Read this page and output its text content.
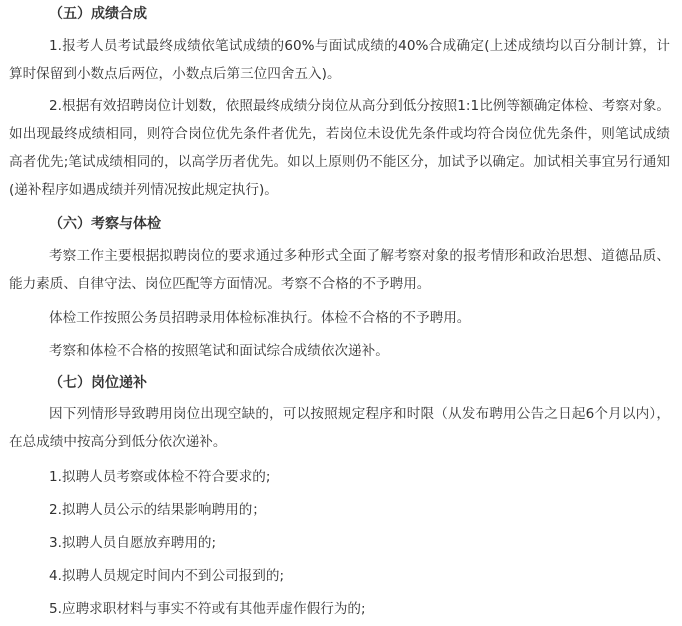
（五）成绩合成

1.报考人员考试最终成绩依笔试成绩的60%与面试成绩的40%合成确定(上述成绩均以百分制计算，计算时保留到小数点后两位，小数点后第三位四舍五入)。

2.根据有效招聘岗位计划数，依照最终成绩分岗位从高分到低分按照1:1比例等额确定体检、考察对象。如出现最终成绩相同，则符合岗位优先条件者优先，若岗位未设优先条件或均符合岗位优先条件，则笔试成绩高者优先;笔试成绩相同的，以高学历者优先。如以上原则仍不能区分，加试予以确定。加试相关事宜另行通知(递补程序如遇成绩并列情况按此规定执行)。

（六）考察与体检

考察工作主要根据拟聘岗位的要求通过多种形式全面了解考察对象的报考情形和政治思想、道德品质、能力素质、自律守法、岗位匹配等方面情况。考察不合格的不予聘用。

体检工作按照公务员招聘录用体检标准执行。体检不合格的不予聘用。

考察和体检不合格的按照笔试和面试综合成绩依次递补。

（七）岗位递补

因下列情形导致聘用岗位出现空缺的，可以按照规定程序和时限（从发布聘用公告之日起6个月以内），在总成绩中按高分到低分依次递补。

1.拟聘人员考察或体检不符合要求的;

2.拟聘人员公示的结果影响聘用的；

3.拟聘人员自愿放弃聘用的;

4.拟聘人员规定时间内不到公司报到的;

5.应聘求职材料与事实不符或有其他弄虚作假行为的;
